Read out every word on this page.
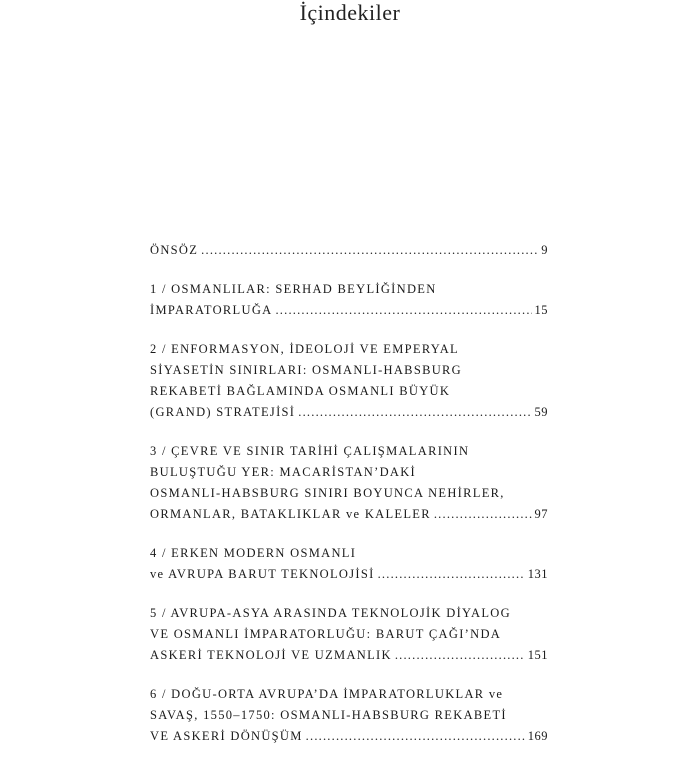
İçindekiler
ÖNSÖZ .....	9
1 / OSMANLILAR: SERHAD BEYLİĞİNDEN
İMPARATORLUĞA .....	15
2 / ENFORMASYON, İDEOLOJİ VE EMPERYAL
SİYASETİN SINIRLARI: OSMANLI-HABSBURG
REKABETİ BAĞLAMINDA OSMANLI BÜYÜK
(GRAND) STRATEJİSİ .....	59
3 / ÇEVRE VE SINIR TARİHİ ÇALIŞMALARININ
BULUŞTUĞU YER: MACARİSTAN’DAKİ
OSMANLI-HABSBURG SINIRI BOYUNCA NEHİRLER,
ORMANLAR, BATAKLIKLAR ve KALELER .....	97
4 / ERKEN MODERN OSMANLI
ve AVRUPA BARUT TEKNOLOJİSİ .....	131
5 / AVRUPA-ASYA ARASINDA TEKNOLOJİK DİYALOG
VE OSMANLI İMPARATORLUĞU: BARUT ÇAĞI’NDA
ASKERİ TEKNOLOJİ VE UZMANLIK .....	151
6 / DOĞU-ORTA AVRUPA’DA İMPARATORLUKLAR ve
SAVAŞ, 1550–1750: OSMANLI-HABSBURG REKABETİ
VE ASKERİ DÖNÜŞÜM .....	169
